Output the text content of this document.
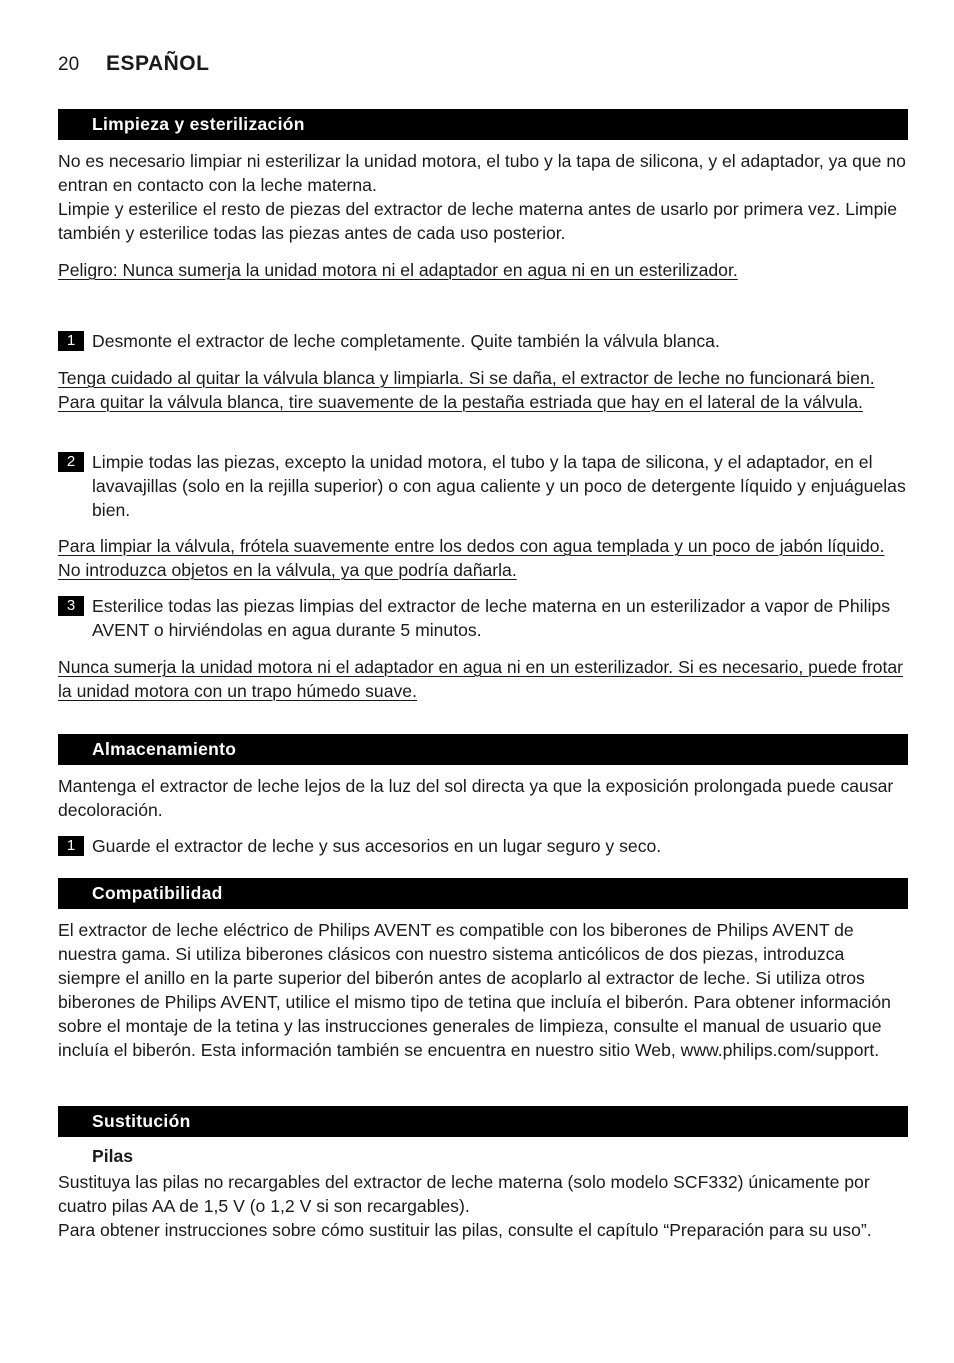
20 ESPAÑOL
Limpieza y esterilización

No es necesario limpiar ni esterilizar la unidad motora, el tubo y la tapa de silicona, y el adaptador, ya que no entran en contacto con la leche materna.
Limpie y esterilice el resto de piezas del extractor de leche materna antes de usarlo por primera vez. Limpie también y esterilice todas las piezas antes de cada uso posterior.

Peligro: Nunca sumerja la unidad motora ni el adaptador en agua ni en un esterilizador.

1 Desmonte el extractor de leche completamente. Quite también la válvula blanca.

Tenga cuidado al quitar la válvula blanca y limpiarla. Si se daña, el extractor de leche no funcionará bien. Para quitar la válvula blanca, tire suavemente de la pestaña estriada que hay en el lateral de la válvula.

2 Limpie todas las piezas, excepto la unidad motora, el tubo y la tapa de silicona, y el adaptador, en el lavavajillas (solo en la rejilla superior) o con agua caliente y un poco de detergente líquido y enjuáguelas bien.

Para limpiar la válvula, frótela suavemente entre los dedos con agua templada y un poco de jabón líquido. No introduzca objetos en la válvula, ya que podría dañarla.

3 Esterilice todas las piezas limpias del extractor de leche materna en un esterilizador a vapor de Philips AVENT o hirviéndolas en agua durante 5 minutos.

Nunca sumerja la unidad motora ni el adaptador en agua ni en un esterilizador. Si es necesario, puede frotar la unidad motora con un trapo húmedo suave.

Almacenamiento

Mantenga el extractor de leche lejos de la luz del sol directa ya que la exposición prolongada puede causar decoloración.

1 Guarde el extractor de leche y sus accesorios en un lugar seguro y seco.
Compatibilidad

El extractor de leche eléctrico de Philips AVENT es compatible con los biberones de Philips AVENT de nuestra gama. Si utiliza biberones clásicos con nuestro sistema anticólicos de dos piezas, introduzca siempre el anillo en la parte superior del biberón antes de acoplarlo al extractor de leche. Si utiliza otros biberones de Philips AVENT, utilice el mismo tipo de tetina que incluía el biberón. Para obtener información sobre el montaje de la tetina y las instrucciones generales de limpieza, consulte el manual de usuario que incluía el biberón. Esta información también se encuentra en nuestro sitio Web, www.philips.com/support.

Sustitución
Pilas

Sustituya las pilas no recargables del extractor de leche materna (solo modelo SCF332) únicamente por cuatro pilas AA de 1,5 V (o 1,2 V si son recargables).
Para obtener instrucciones sobre cómo sustituir las pilas, consulte el capítulo “Preparación para su uso”.
